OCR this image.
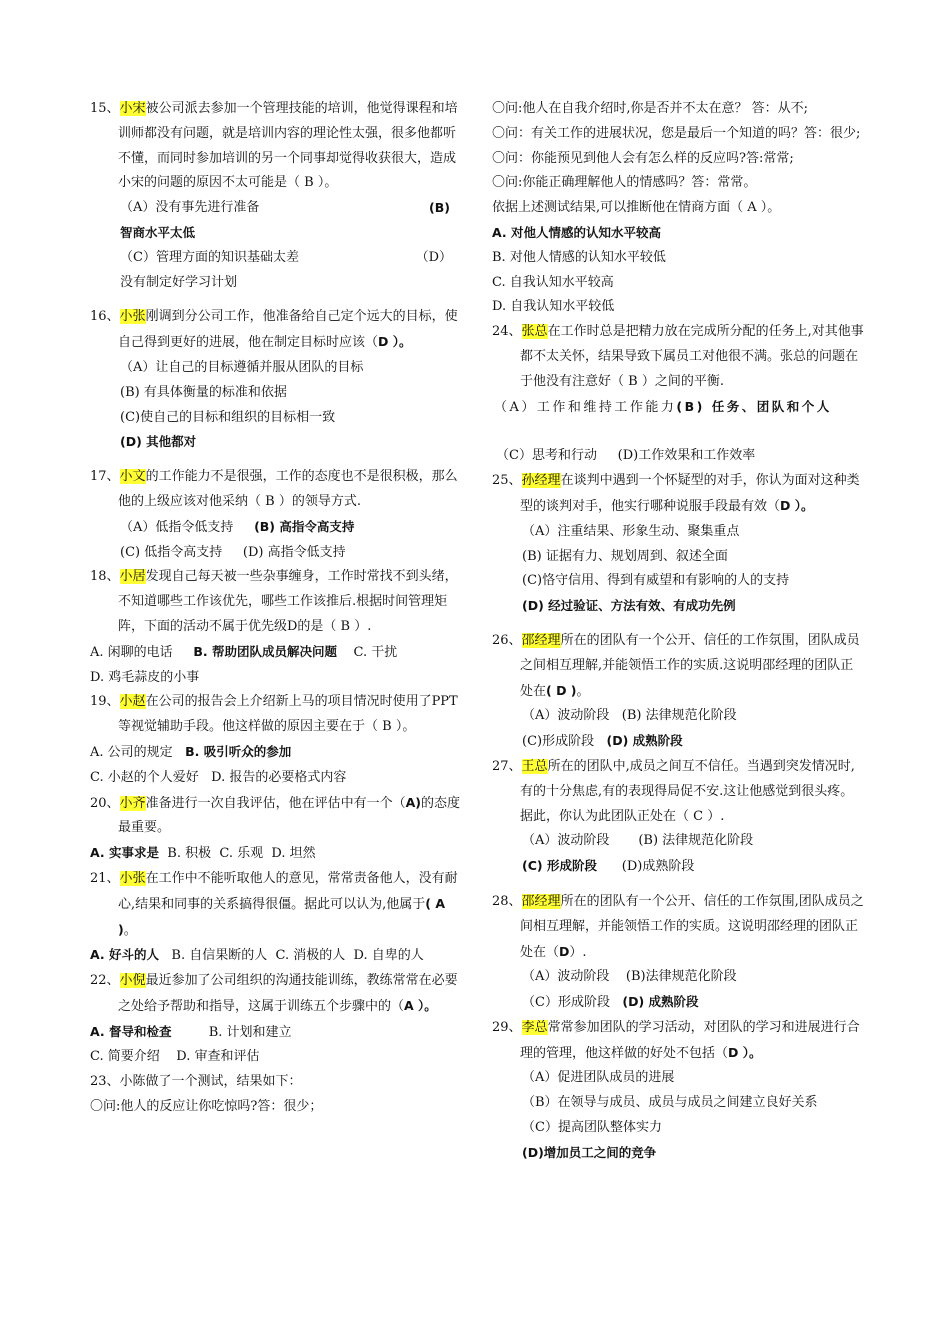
15、小宋被公司派去参加一个管理技能的培训，他觉得课程和培训师都没有问题，就是培训内容的理论性太强，很多他都听不懂，而同时参加培训的另一个同事却觉得收获很大，造成小宋的问题的原因不太可能是（ B ）。

（A）没有事先进行准备	(B)
智商水平太低
（C）管理方面的知识基础太差	（D）
没有制定好学习计划

16、小张刚调到分公司工作，他准备给自己定个远大的目标，使自己得到更好的进展，他在制定目标时应该（D ）。

（A）让自己的目标遵循并服从团队的目标
(B) 有具体衡量的标准和依据
(C)使自己的目标和组织的目标相一致
(D) 其他都对

17、小文的工作能力不是很强，工作的态度也不是很积极，那么他的上级应该对他采纳（ B ）的领导方式.

（A）低指令低支持 (B) 高指令高支持
(C) 低指令高支持 (D) 高指令低支持

18、小居发现自己每天被一些杂事缠身，工作时常找不到头绪，不知道哪些工作该优先，哪些工作该推后.根据时间管理矩阵，下面的活动不属于优先级D的是（ B ）.

A. 闲聊的电话 B. 帮助团队成员解决问题 C. 干扰
D. 鸡毛蒜皮的小事

19、小赵在公司的报告会上介绍新上马的项目情况时使用了PPT等视觉辅助手段。他这样做的原因主要在于（ B ）。

A. 公司的规定 B. 吸引听众的参加
C. 小赵的个人爱好 D. 报告的必要格式内容

20、小齐准备进行一次自我评估，他在评估中有一个（A)的态度最重要。

A. 实事求是 B. 积极 C. 乐观 D. 坦然

21、小张在工作中不能听取他人的意见，常常责备他人，没有耐心,结果和同事的关系搞得很僵。据此可以认为,他属于( A )。

A. 好斗的人 B. 自信果断的人 C. 消极的人 D. 自卑的人

22、小倪最近参加了公司组织的沟通技能训练，教练常常在必要之处给予帮助和指导，这属于训练五个步骤中的（A ）。

A. 督导和检查	B. 计划和建立
C. 简要介绍 D. 审查和评估

23、小陈做了一个测试，结果如下：

〇问:他人的反应让你吃惊吗?答：很少；
〇问:他人在自我介绍时,你是否并不太在意？ 答：从不;
〇问：有关工作的进展状况，您是最后一个知道的吗？答：很少;
〇问：你能预见到他人会有怎么样的反应吗?答:常常;
〇问:你能正确理解他人的情感吗？答：常常。
依据上述测试结果,可以推断他在情商方面（ A ）。
A. 对他人情感的认知水平较高
B. 对他人情感的认知水平较低
C. 自我认知水平较高
D. 自我认知水平较低

24、张总在工作时总是把精力放在完成所分配的任务上,对其他事都不太关怀，结果导致下属员工对他很不满。张总的问题在于他没有注意好（ B ）之间的平衡.

（A）工作和维持工作能力(B) 任务、团队和个人
（C）思考和行动 (D)工作效果和工作效率

25、孙经理在谈判中遇到一个怀疑型的对手，你认为面对这种类型的谈判对手，他实行哪种说服手段最有效（D ）。

（A）注重结果、形象生动、聚集重点
(B) 证据有力、规划周到、叙述全面
(C)恪守信用、得到有威望和有影响的人的支持
(D) 经过验证、方法有效、有成功先例

26、邵经理所在的团队有一个公开、信任的工作氛围，团队成员之间相互理解,并能领悟工作的实质.这说明邵经理的团队正处在( D )。

（A）波动阶段 (B) 法律规范化阶段
(C)形成阶段 (D) 成熟阶段

27、王总所在的团队中,成员之间互不信任。当遇到突发情况时,有的十分焦虑,有的表现得局促不安.这让他感觉到很头疼。据此，你认为此团队正处在（ C ）.

（A）波动阶段 (B) 法律规范化阶段
(C) 形成阶段 (D)成熟阶段

28、邵经理所在的团队有一个公开、信任的工作氛围,团队成员之间相互理解，并能领悟工作的实质。这说明邵经理的团队正处在（D）.

（A）波动阶段 (B)法律规范化阶段
（C）形成阶段 (D) 成熟阶段

29、李总常常参加团队的学习活动，对团队的学习和进展进行合理的管理，他这样做的好处不包括（D ）。

（A）促进团队成员的进展
（B）在领导与成员、成员与成员之间建立良好关系
（C）提高团队整体实力
(D)增加员工之间的竞争
